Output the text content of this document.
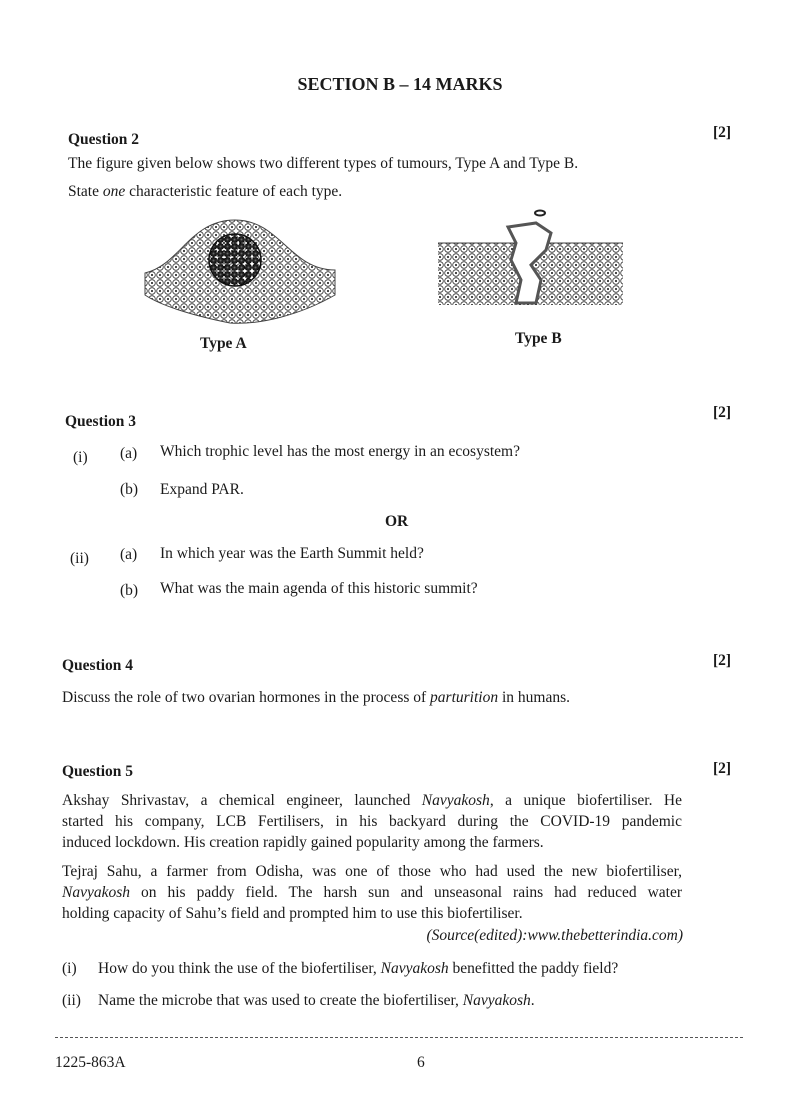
SECTION B – 14 MARKS
Question 2	[2]
The figure given below shows two different types of tumours, Type A and Type B.
State one characteristic feature of each type.
Type A	Type B
Question 3
[2]
(i) (a) Which trophic level has the most energy in an ecosystem?
(b) Expand PAR.
OR
(ii) (a) In which year was the Earth Summit held?
(b) What was the main agenda of this historic summit?
Question 4	[2]
Discuss the role of two ovarian hormones in the process of parturition in humans.
Question 5	[2]
Akshay Shrivastav, a chemical engineer, launched Navyakosh, a unique biofertiliser. He
started his company, LCB Fertilisers, in his backyard during the COVID-19 pandemic
induced lockdown. His creation rapidly gained popularity among the farmers.
Tejraj Sahu, a farmer from Odisha, was one of those who had used the new biofertiliser,
Navyakosh on his paddy field. The harsh sun and unseasonal rains had reduced water
holding capacity of Sahu’s field and prompted him to use this biofertiliser.
(Source(edited):www.thebetterindia.com)
(i) How do you think the use of the biofertiliser, Navyakosh benefitted the paddy field?
(ii) Name the microbe that was used to create the biofertiliser, Navyakosh.
1225-863A	6
